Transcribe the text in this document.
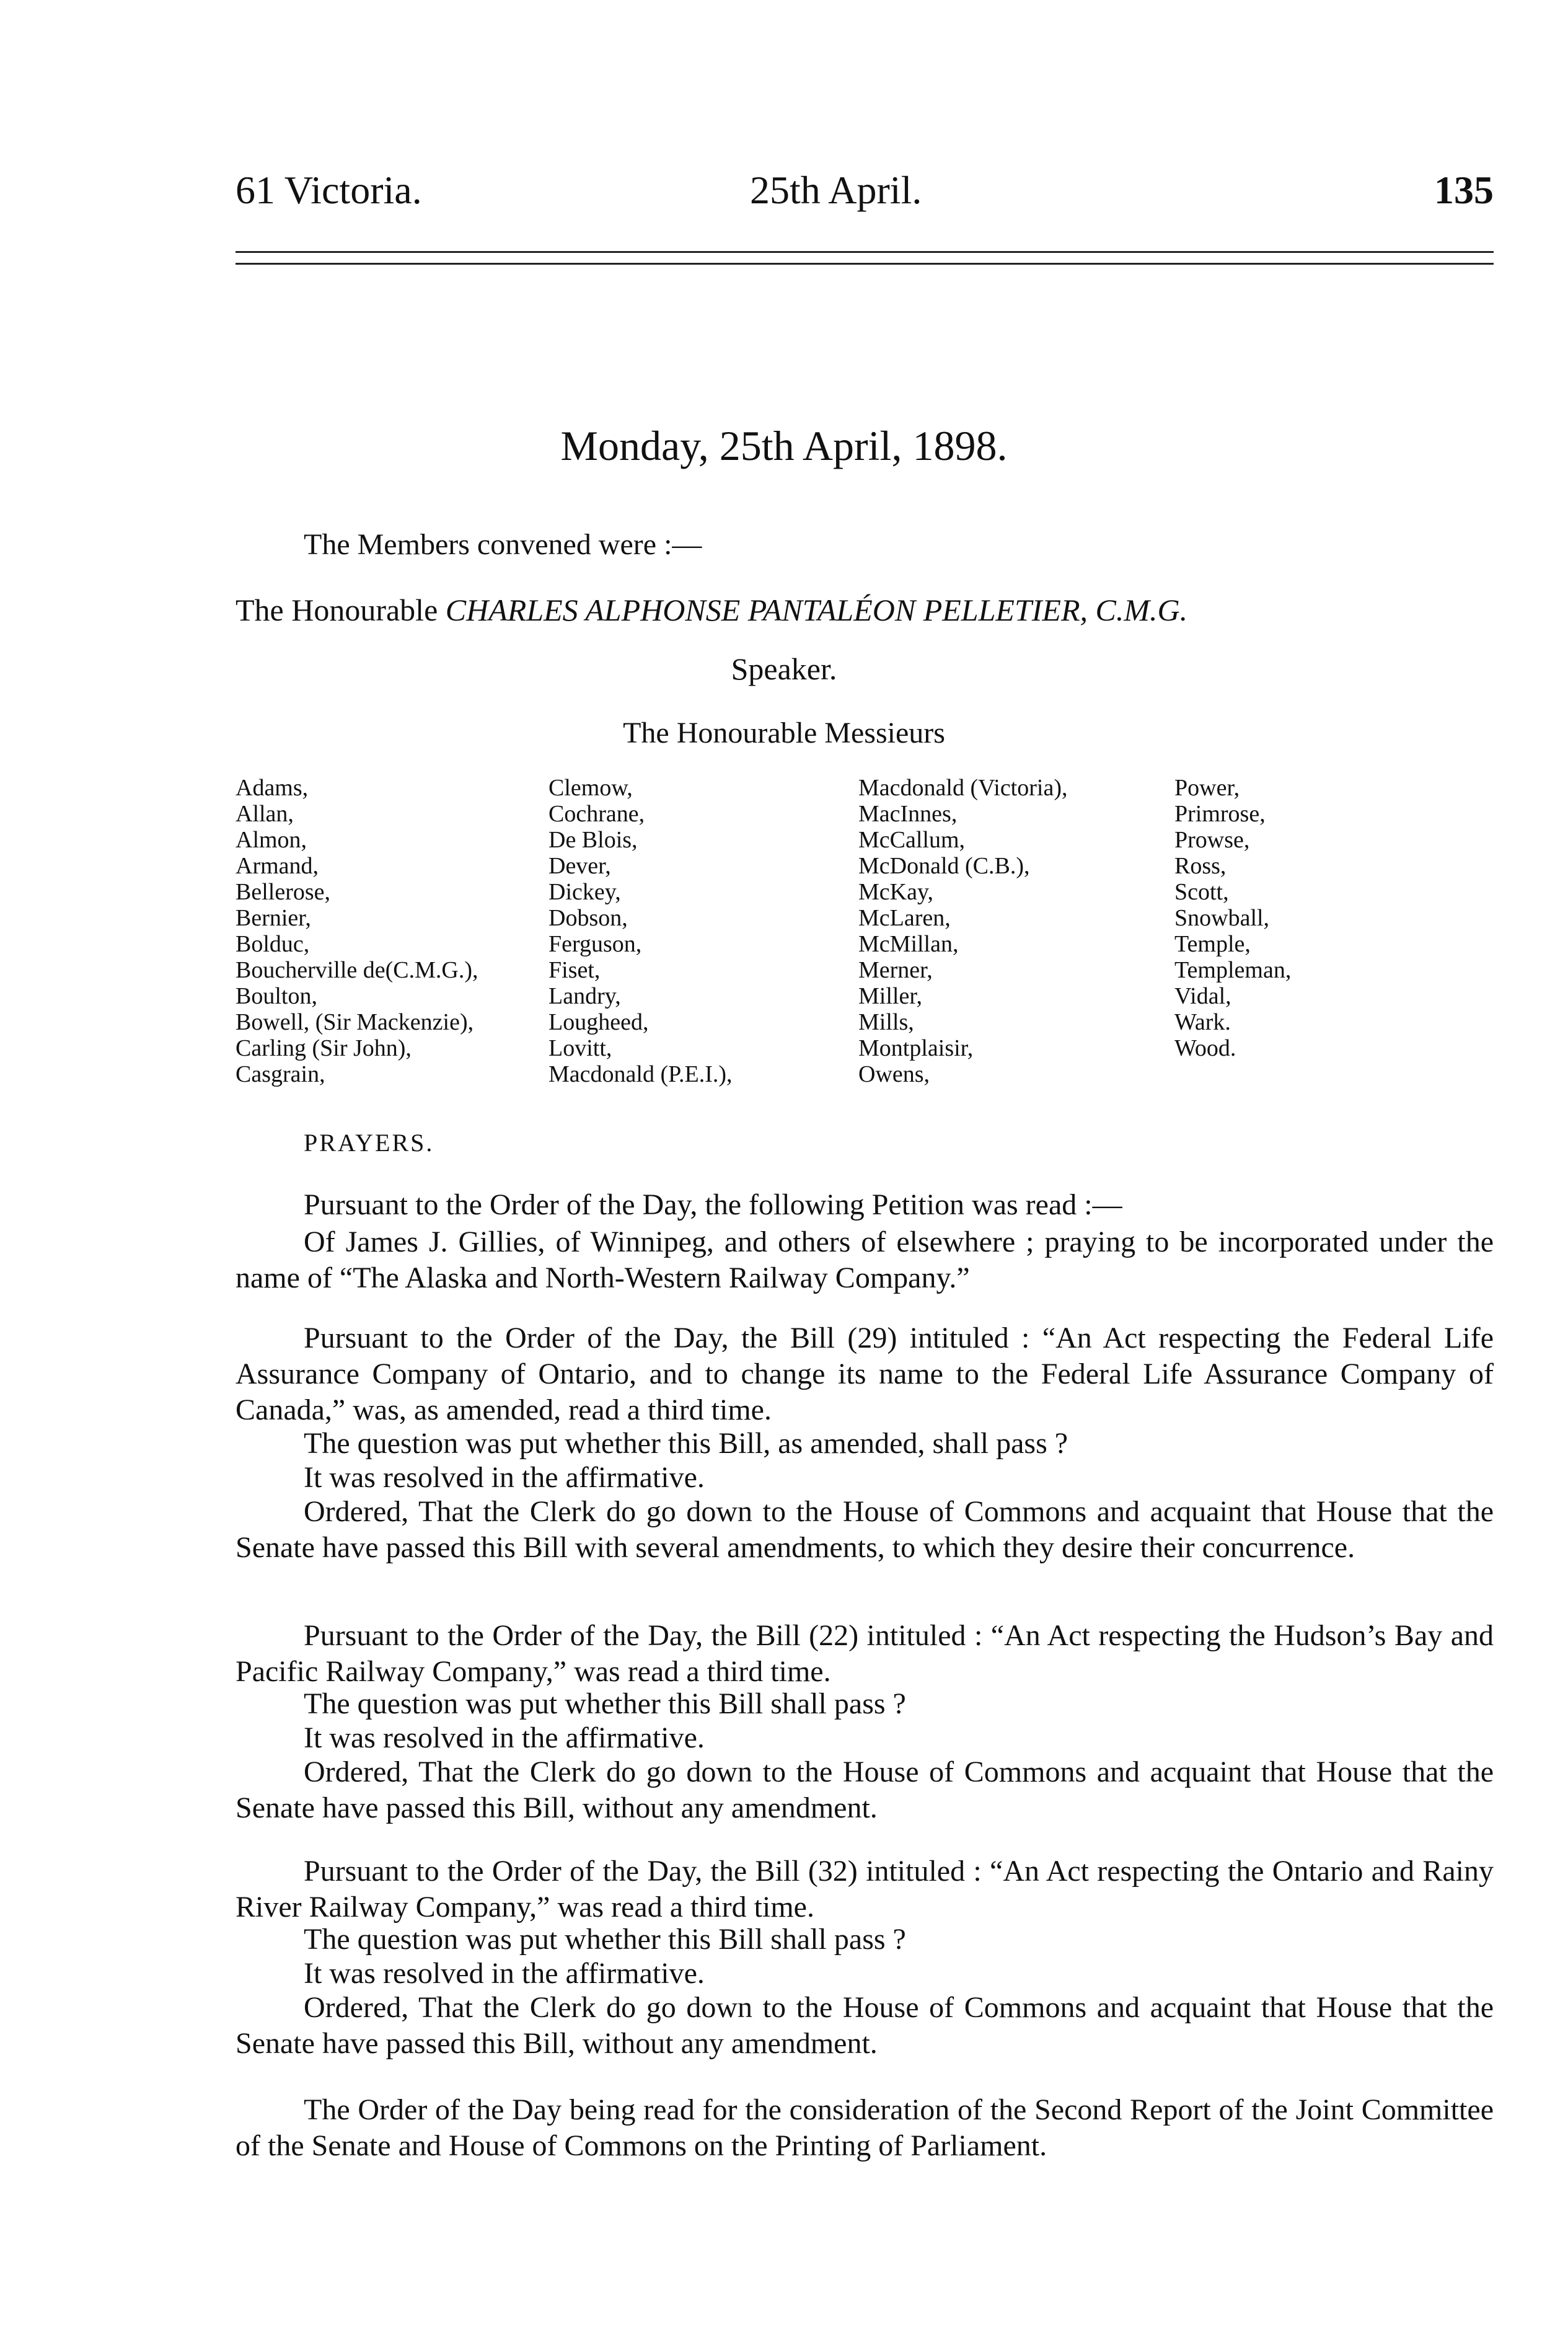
61 Victoria.	25th April.	135
Monday, 25th April, 1898.
The Members convened were :—
The Honourable CHARLES ALPHONSE PANTALÉON PELLETIER, C.M.G.
Speaker.
The Honourable Messieurs
Adams,
Allan,
Almon,
Armand,
Bellerose,
Bernier,
Bolduc,
Boucherville de(C.M.G.),
Boulton,
Bowell, (Sir Mackenzie),
Carling (Sir John),
Casgrain,
Clemow,
Cochrane,
De Blois,
Dever,
Dickey,
Dobson,
Ferguson,
Fiset,
Landry,
Lougheed,
Lovitt,
Macdonald (P.E.I.),
Macdonald (Victoria),
MacInnes,
McCallum,
McDonald (C.B.),
McKay,
McLaren,
McMillan,
Merner,
Miller,
Mills,
Montplaisir,
Owens,
Power,
Primrose,
Prowse,
Ross,
Scott,
Snowball,
Temple,
Templeman,
Vidal,
Wark.
Wood.
PRAYERS.
Pursuant to the Order of the Day, the following Petition was read :—
Of James J. Gillies, of Winnipeg, and others of elsewhere ; praying to be incorporated under the name of “The Alaska and North-Western Railway Company.”
Pursuant to the Order of the Day, the Bill (29) intituled : “An Act respecting the Federal Life Assurance Company of Ontario, and to change its name to the Federal Life Assurance Company of Canada,” was, as amended, read a third time.
The question was put whether this Bill, as amended, shall pass ?
It was resolved in the affirmative.
Ordered, That the Clerk do go down to the House of Commons and acquaint that House that the Senate have passed this Bill with several amendments, to which they desire their concurrence.
Pursuant to the Order of the Day, the Bill (22) intituled : “An Act respecting the Hudson’s Bay and Pacific Railway Company,” was read a third time.
The question was put whether this Bill shall pass ?
It was resolved in the affirmative.
Ordered, That the Clerk do go down to the House of Commons and acquaint that House that the Senate have passed this Bill, without any amendment.
Pursuant to the Order of the Day, the Bill (32) intituled : “An Act respecting the Ontario and Rainy River Railway Company,” was read a third time.
The question was put whether this Bill shall pass ?
It was resolved in the affirmative.
Ordered, That the Clerk do go down to the House of Commons and acquaint that House that the Senate have passed this Bill, without any amendment.
The Order of the Day being read for the consideration of the Second Report of the Joint Committee of the Senate and House of Commons on the Printing of Parliament.
